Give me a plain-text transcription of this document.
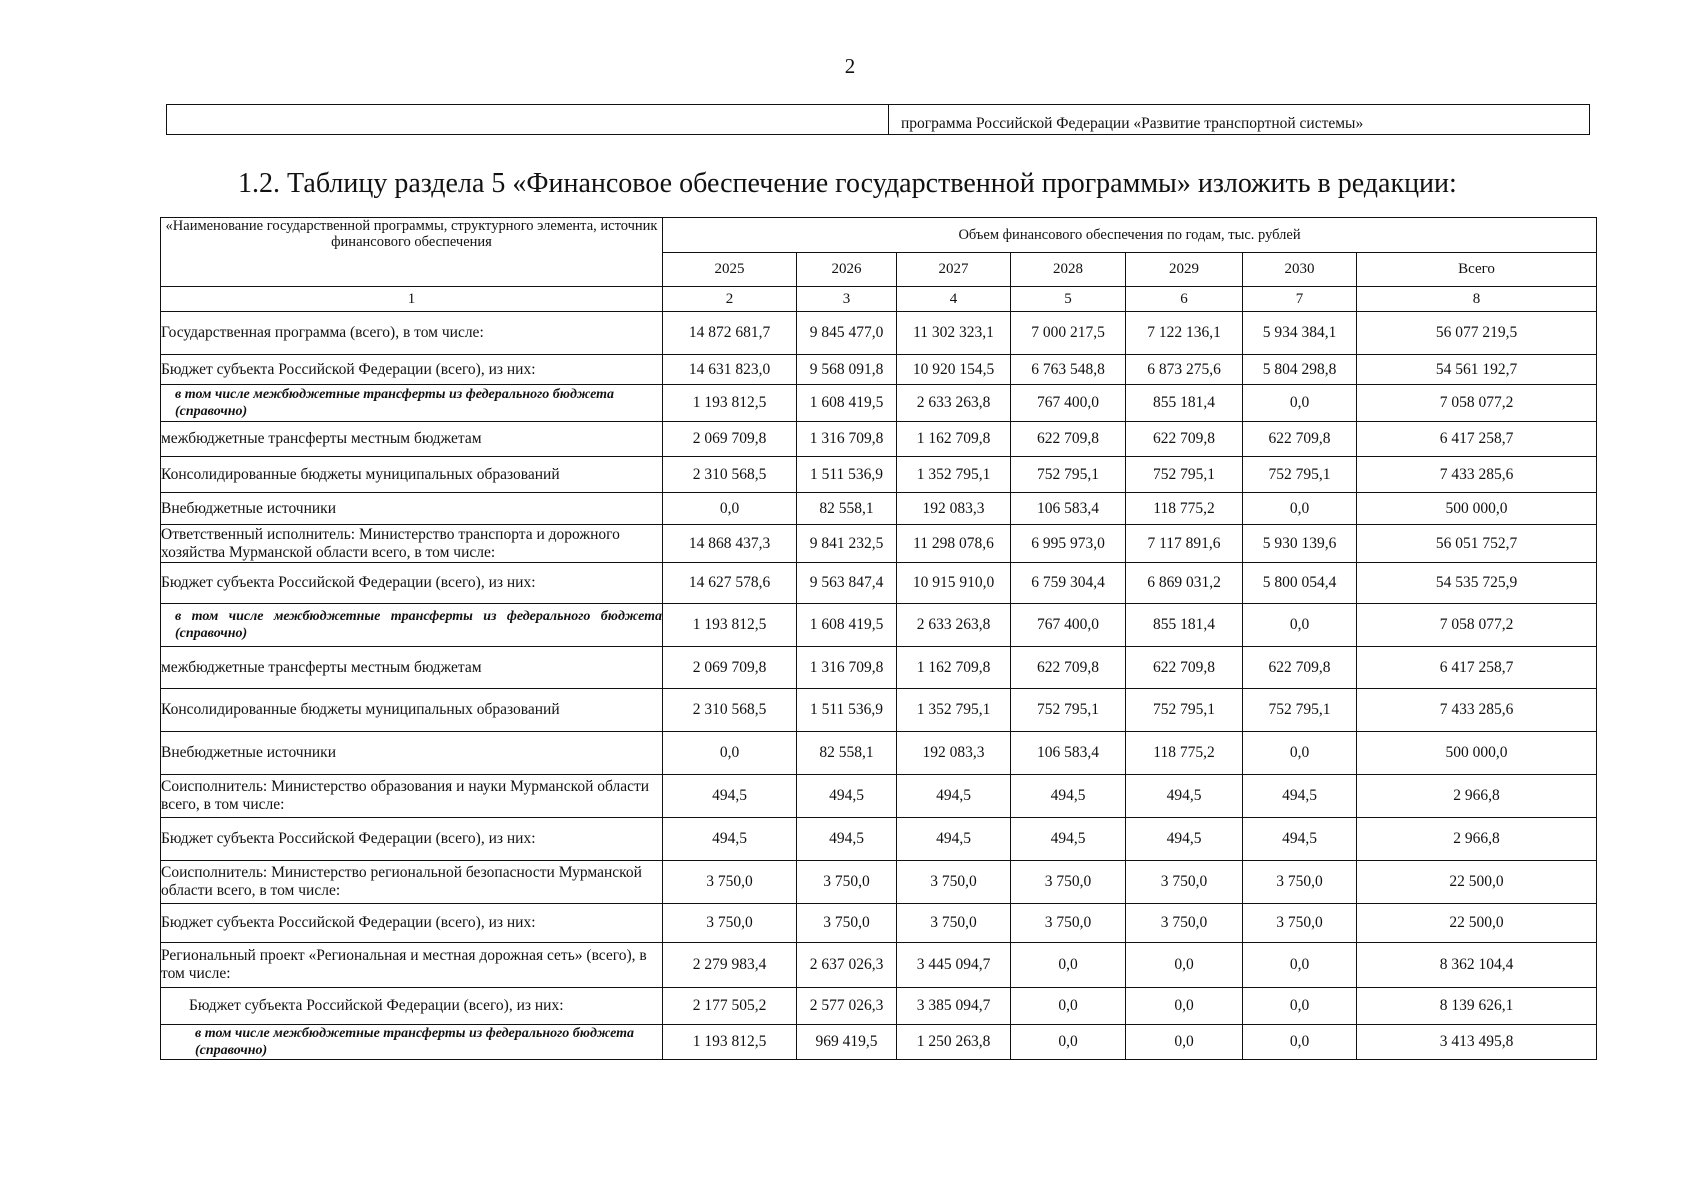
2
программа Российской Федерации «Развитие транспортной системы»
1.2. Таблицу раздела 5 «Финансовое обеспечение государственной программы» изложить в редакции:
«Наименование государственной программы, структурного элемента, источник финансового обеспечения	Объем финансового обеспечения по годам, тыс. рублей						
	2025	2026	2027	2028	2029	2030	Всего
1	2	3	4	5	6	7	8
Государственная программа (всего), в том числе:	14 872 681,7	9 845 477,0	11 302 323,1	7 000 217,5	7 122 136,1	5 934 384,1	56 077 219,5
Бюджет субъекта Российской Федерации (всего), из них:	14 631 823,0	9 568 091,8	10 920 154,5	6 763 548,8	6 873 275,6	5 804 298,8	54 561 192,7
в том числе межбюджетные трансферты из федерального бюджета (справочно)	1 193 812,5	1 608 419,5	2 633 263,8	767 400,0	855 181,4	0,0	7 058 077,2
межбюджетные трансферты местным бюджетам	2 069 709,8	1 316 709,8	1 162 709,8	622 709,8	622 709,8	622 709,8	6 417 258,7
Консолидированные бюджеты муниципальных образований	2 310 568,5	1 511 536,9	1 352 795,1	752 795,1	752 795,1	752 795,1	7 433 285,6
Внебюджетные источники	0,0	82 558,1	192 083,3	106 583,4	118 775,2	0,0	500 000,0
Ответственный исполнитель: Министерство транспорта и дорожного хозяйства Мурманской области всего, в том числе:	14 868 437,3	9 841 232,5	11 298 078,6	6 995 973,0	7 117 891,6	5 930 139,6	56 051 752,7
Бюджет субъекта Российской Федерации (всего), из них:	14 627 578,6	9 563 847,4	10 915 910,0	6 759 304,4	6 869 031,2	5 800 054,4	54 535 725,9
в том числе межбюджетные трансферты из федерального бюджета (справочно)	1 193 812,5	1 608 419,5	2 633 263,8	767 400,0	855 181,4	0,0	7 058 077,2
межбюджетные трансферты местным бюджетам	2 069 709,8	1 316 709,8	1 162 709,8	622 709,8	622 709,8	622 709,8	6 417 258,7
Консолидированные бюджеты муниципальных образований	2 310 568,5	1 511 536,9	1 352 795,1	752 795,1	752 795,1	752 795,1	7 433 285,6
Внебюджетные источники	0,0	82 558,1	192 083,3	106 583,4	118 775,2	0,0	500 000,0
Соисполнитель: Министерство образования и науки Мурманской области всего, в том числе:	494,5	494,5	494,5	494,5	494,5	494,5	2 966,8
Бюджет субъекта Российской Федерации (всего), из них:	494,5	494,5	494,5	494,5	494,5	494,5	2 966,8
Соисполнитель: Министерство региональной безопасности Мурманской области всего, в том числе:	3 750,0	3 750,0	3 750,0	3 750,0	3 750,0	3 750,0	22 500,0
Бюджет субъекта Российской Федерации (всего), из них:	3 750,0	3 750,0	3 750,0	3 750,0	3 750,0	3 750,0	22 500,0
Региональный проект «Региональная и местная дорожная сеть» (всего), в том числе:	2 279 983,4	2 637 026,3	3 445 094,7	0,0	0,0	0,0	8 362 104,4
Бюджет субъекта Российской Федерации (всего), из них:	2 177 505,2	2 577 026,3	3 385 094,7	0,0	0,0	0,0	8 139 626,1
в том числе межбюджетные трансферты из федерального бюджета (справочно)	1 193 812,5	969 419,5	1 250 263,8	0,0	0,0	0,0	3 413 495,8
